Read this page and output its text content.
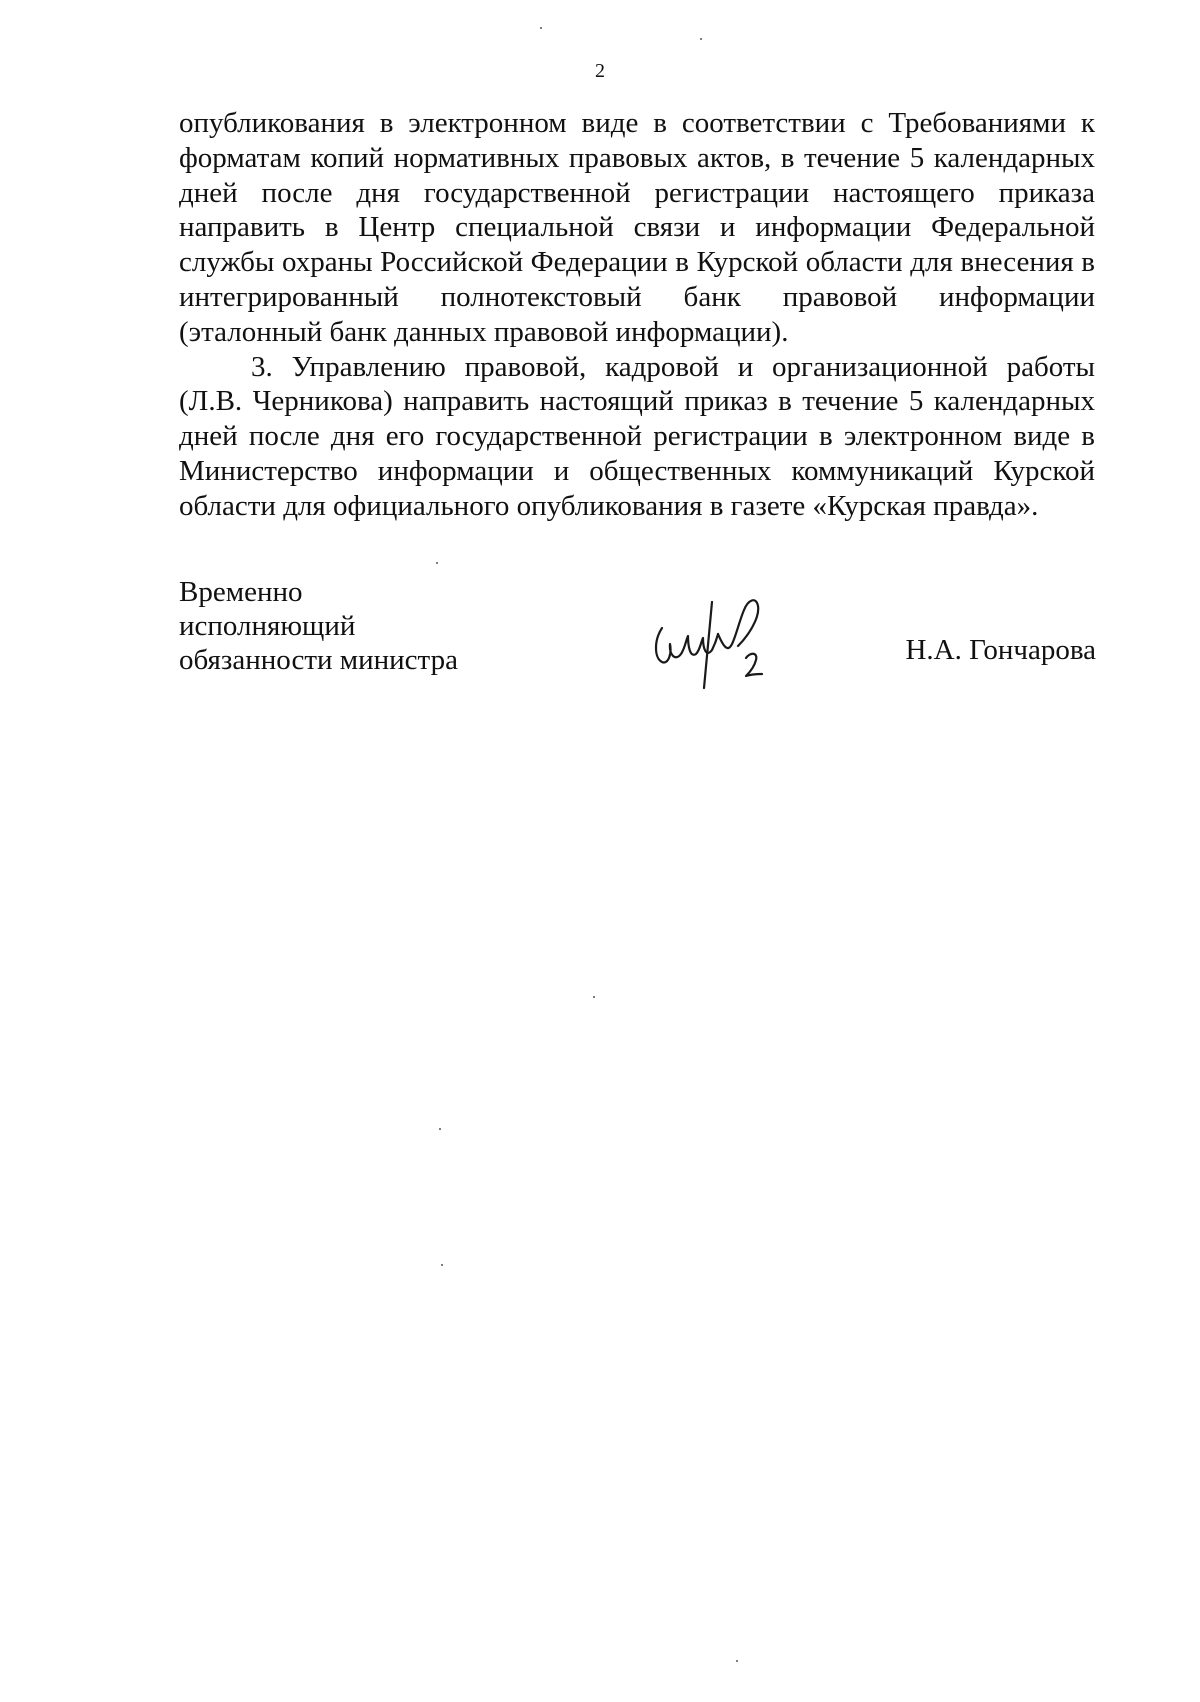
2

опубликования в электронном виде в соответствии с Требованиями к форматам копий нормативных правовых актов, в течение 5 календарных дней после дня государственной регистрации настоящего приказа направить в Центр специальной связи и информации Федеральной службы охраны Российской Федерации в Курской области для внесения в интегрированный полнотекстовый банк правовой информации (эталонный банк данных правовой информации).

3. Управлению правовой, кадровой и организационной работы (Л.В. Черникова) направить настоящий приказ в течение 5 календарных дней после дня его государственной регистрации в электронном виде в Министерство информации и общественных коммуникаций Курской области для официального опубликования в газете «Курская правда».

Временно
исполняющий
обязанности министра	Н.А. Гончарова
